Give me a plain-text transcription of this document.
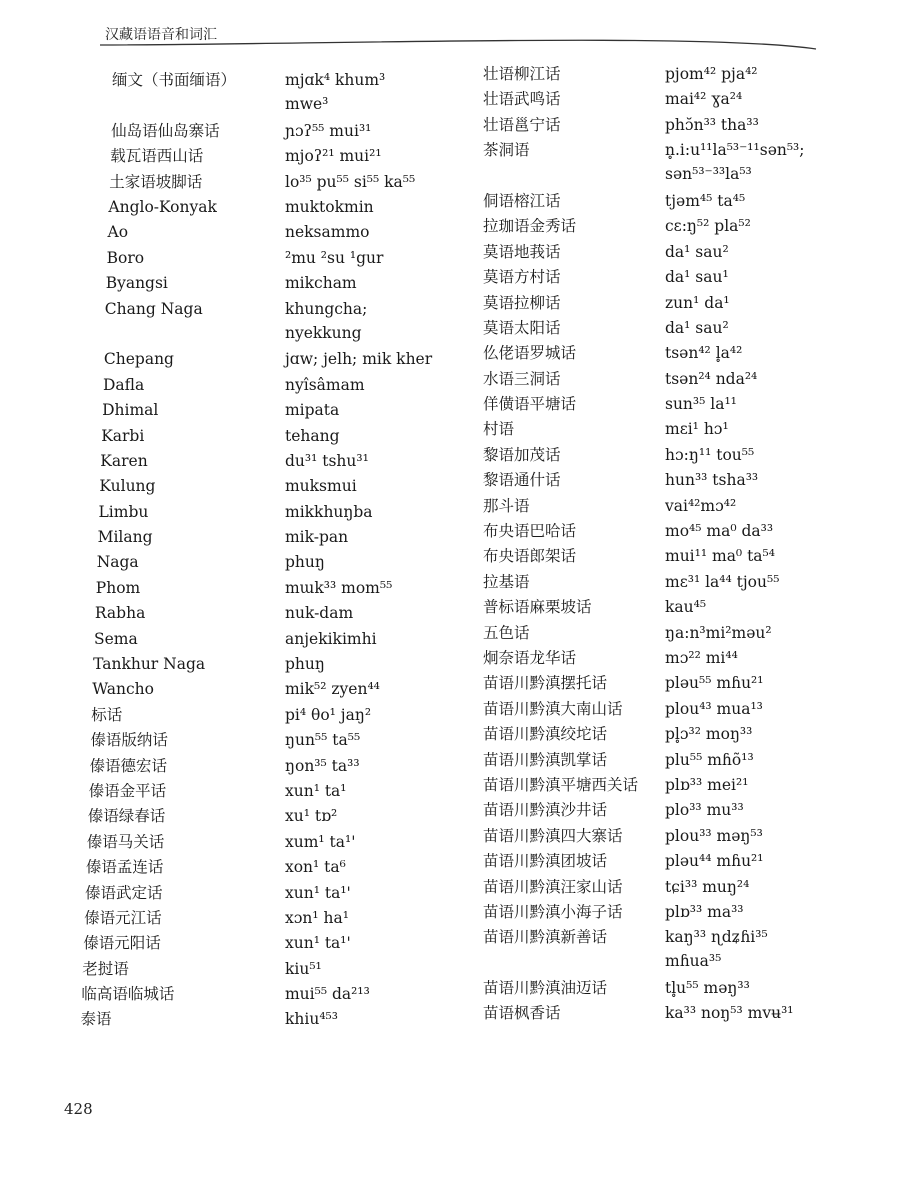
汉藏语语音和词汇
缅文（书面缅语）	mjɑk⁴ khum³
mwe³
仙岛语仙岛寨话	ɲɔʔ⁵⁵ mui³¹
载瓦语西山话	mjoʔ²¹ mui²¹
土家语坡脚话	lo³⁵ pu⁵⁵ si⁵⁵ ka⁵⁵
Anglo-Konyak	muktokmin
Ao	neksammo
Boro	²mu ²su ¹gur
Byangsi	mikcham
Chang Naga	khungcha;
nyekkung
Chepang	jɑw; jelh; mik kher
Dafla	nyîsâmam
Dhimal	mipata
Karbi	tehang
Karen	du³¹ tshu³¹
Kulung	muksmui
Limbu	mikkhuŋba
Milang	mik-pan
Naga	phuŋ
Phom	mɯk³³ mom⁵⁵
Rabha	nuk-dam
Sema	anjekikimhi
Tankhur Naga	phuŋ
Wancho	mik⁵² zyen⁴⁴
标话	pi⁴ θo¹ jaŋ²
傣语版纳话	ŋun⁵⁵ ta⁵⁵
傣语德宏话	ŋon³⁵ ta³³
傣语金平话	xun¹ ta¹
傣语绿春话	xu¹ tɒ²
傣语马关话	xum¹ ta¹'
傣语孟连话	xon¹ ta⁶
傣语武定话	xun¹ ta¹'
傣语元江话	xɔn¹ ha¹
傣语元阳话	xun¹ ta¹'
老挝语	kiu⁵¹
临高语临城话	mui⁵⁵ da²¹³
泰语	khiu⁴⁵³
壮语柳江话	pjom⁴² pja⁴²
壮语武鸣话	mai⁴² ɣa²⁴
壮语邕宁话	phɔ̆n³³ tha³³
茶洞语	n̥.i:u¹¹la⁵³⁻¹¹sən⁵³;
sən⁵³⁻³³la⁵³
侗语榕江话	tjəm⁴⁵ ta⁴⁵
拉珈语金秀话	cɛ:ŋ⁵² pla⁵²
莫语地莪话	da¹ sau²
莫语方村话	da¹ sau¹
莫语拉柳话	zun¹ da¹
莫语太阳话	da¹ sau²
仫佬语罗城话	tsən⁴² l̥a⁴²
水语三洞话	tsən²⁴ nda²⁴
佯僙语平塘话	sun³⁵ la¹¹
村语	mɛi¹ hɔ¹
黎语加茂话	hɔ:ŋ¹¹ tou⁵⁵
黎语通什话	hun³³ tsha³³
那斗语	vai⁴²mɔ⁴²
布央语巴哈话	mo⁴⁵ ma⁰ da³³
布央语郎架话	mui¹¹ ma⁰ ta⁵⁴
拉基语	mɛ³¹ la⁴⁴ tjou⁵⁵
普标语麻栗坡话	kau⁴⁵
五色话	ŋa:n³mi²məu²
炯奈语龙华话	mɔ²² mi⁴⁴
苗语川黔滇摆托话	pləu⁵⁵ mɦu²¹
苗语川黔滇大南山话	plou⁴³ mua¹³
苗语川黔滇绞坨话	pl̥ɔ³² moŋ³³
苗语川黔滇凯掌话	plu⁵⁵ mɦõ¹³
苗语川黔滇平塘西关话	plɒ³³ mei²¹
苗语川黔滇沙井话	plo³³ mu³³
苗语川黔滇四大寨话	plou³³ məŋ⁵³
苗语川黔滇团坡话	pləu⁴⁴ mɦu²¹
苗语川黔滇汪家山话	tɕi³³ muŋ²⁴
苗语川黔滇小海子话	plɒ³³ ma³³
苗语川黔滇新善话	kaŋ³³ ɳdʑɦi³⁵
mɦua³⁵
苗语川黔滇油迈话	tl̥u⁵⁵ məŋ³³
苗语枫香话	ka³³ noŋ⁵³ mvʉ³¹
428
